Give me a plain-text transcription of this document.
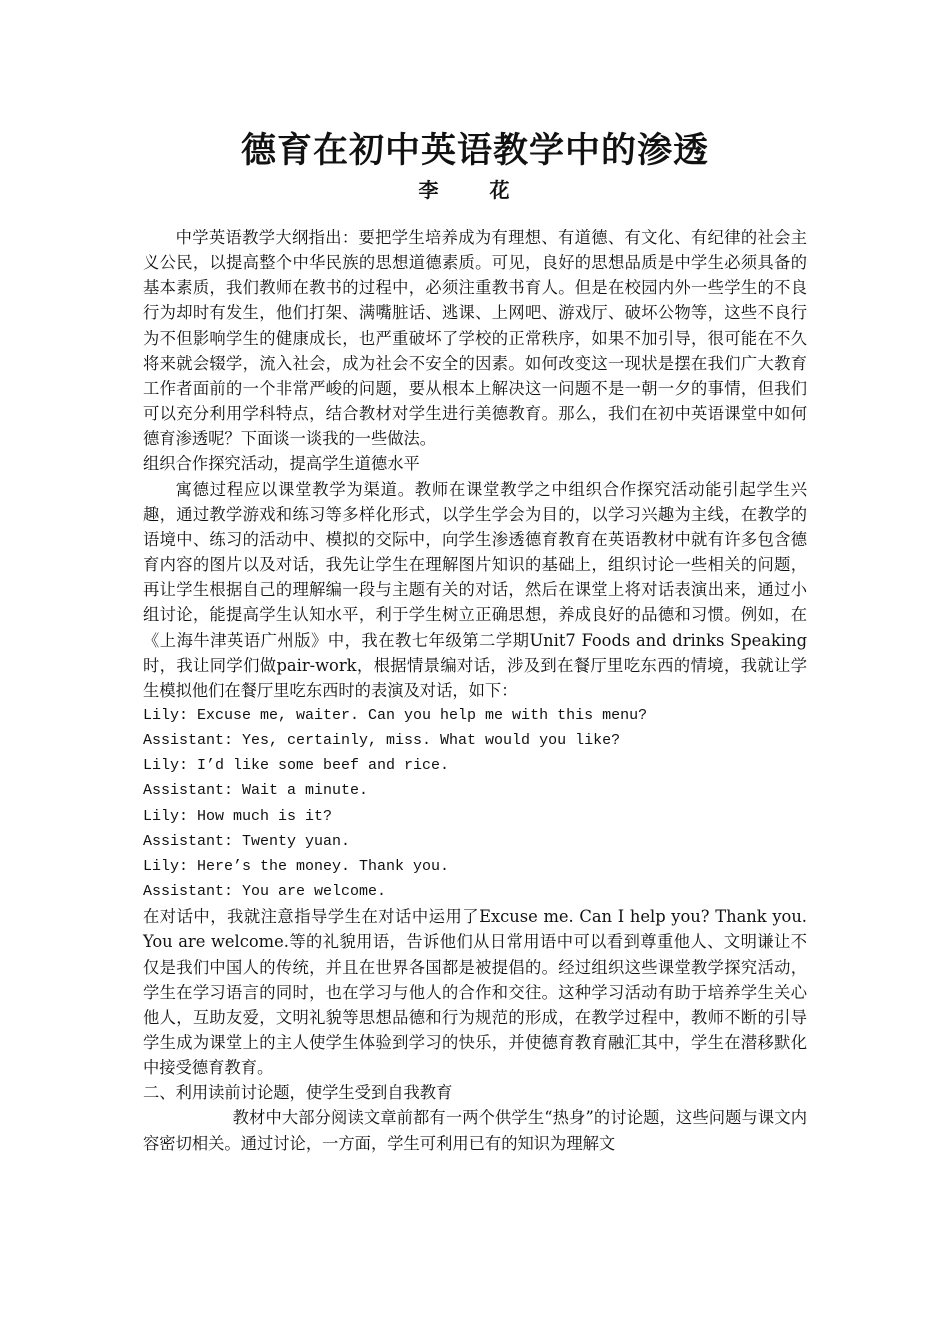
德育在初中英语教学中的渗透
李 花

中学英语教学大纲指出：要把学生培养成为有理想、有道德、有文化、有纪律的社会主义公民，以提高整个中华民族的思想道德素质。可见，良好的思想品质是中学生必须具备的基本素质，我们教师在教书的过程中，必须注重教书育人。但是在校园内外一些学生的不良行为却时有发生，他们打架、满嘴脏话、逃课、上网吧、游戏厅、破坏公物等，这些不良行为不但影响学生的健康成长，也严重破坏了学校的正常秩序，如果不加引导，很可能在不久将来就会辍学，流入社会，成为社会不安全的因素。如何改变这一现状是摆在我们广大教育工作者面前的一个非常严峻的问题，要从根本上解决这一问题不是一朝一夕的事情，但我们可以充分利用学科特点，结合教材对学生进行美德教育。那么，我们在初中英语课堂中如何德育渗透呢？下面谈一谈我的一些做法。

组织合作探究活动，提高学生道德水平

寓德过程应以课堂教学为渠道。教师在课堂教学之中组织合作探究活动能引起学生兴趣，通过教学游戏和练习等多样化形式，以学生学会为目的，以学习兴趣为主线，在教学的语境中、练习的活动中、模拟的交际中，向学生渗透德育教育在英语教材中就有许多包含德育内容的图片以及对话，我先让学生在理解图片知识的基础上，组织讨论一些相关的问题，再让学生根据自己的理解编一段与主题有关的对话，然后在课堂上将对话表演出来，通过小组讨论，能提高学生认知水平，利于学生树立正确思想，养成良好的品德和习惯。例如，在《上海牛津英语广州版》中，我在教七年级第二学期Unit7 Foods and drinks Speaking时，我让同学们做pair-work，根据情景编对话，涉及到在餐厅里吃东西的情境，我就让学生模拟他们在餐厅里吃东西时的表演及对话，如下：

Lily: Excuse me, waiter. Can you help me with this menu?
Assistant: Yes, certainly, miss. What would you like?
Lily: I’d like some beef and rice.
Assistant: Wait a minute.
Lily: How much is it?
Assistant: Twenty yuan.
Lily: Here’s the money. Thank you.
Assistant: You are welcome.

在对话中，我就注意指导学生在对话中运用了Excuse me. Can I help you? Thank you. You are welcome.等的礼貌用语，告诉他们从日常用语中可以看到尊重他人、文明谦让不仅是我们中国人的传统，并且在世界各国都是被提倡的。经过组织这些课堂教学探究活动，学生在学习语言的同时，也在学习与他人的合作和交往。这种学习活动有助于培养学生关心他人，互助友爱，文明礼貌等思想品德和行为规范的形成，在教学过程中，教师不断的引导学生成为课堂上的主人使学生体验到学习的快乐，并使德育教育融汇其中，学生在潜移默化中接受德育教育。

二、利用读前讨论题，使学生受到自我教育

教材中大部分阅读文章前都有一两个供学生“热身”的讨论题，这些问题与课文内容密切相关。通过讨论，一方面，学生可利用已有的知识为理解文
